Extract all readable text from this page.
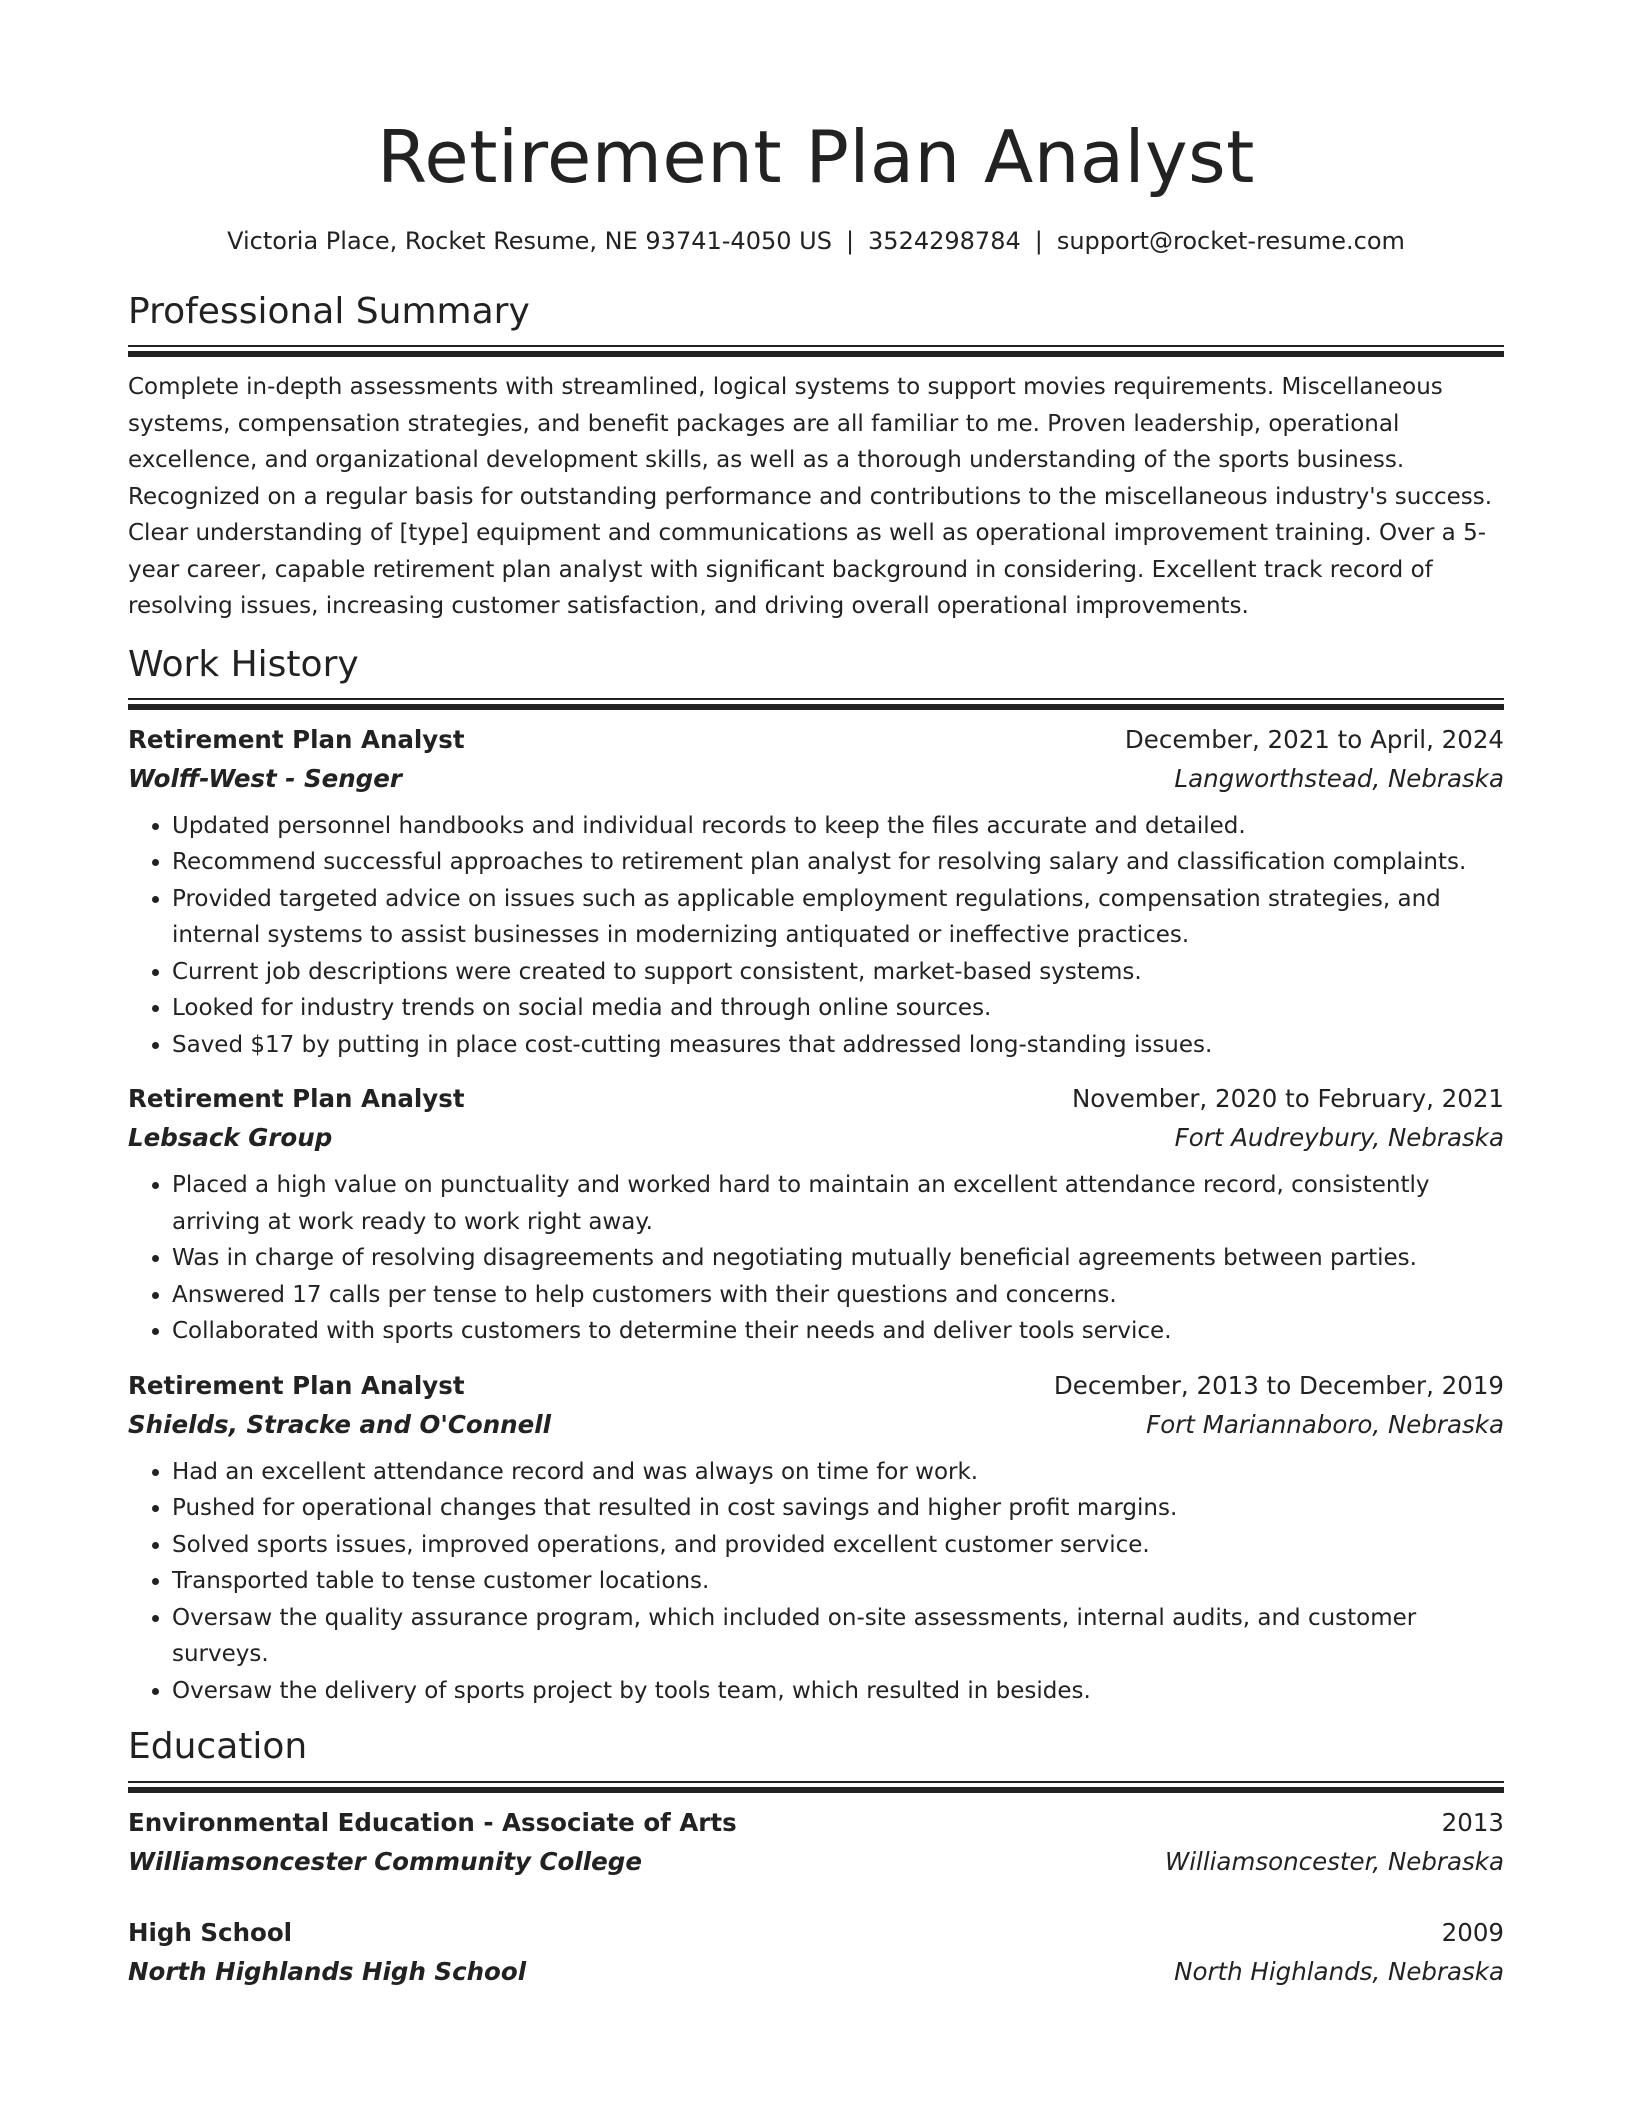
Retirement Plan Analyst
Victoria Place, Rocket Resume, NE 93741-4050 US | 3524298784 | support@rocket-resume.com
Professional Summary
Complete in-depth assessments with streamlined, logical systems to support movies requirements. Miscellaneous systems, compensation strategies, and benefit packages are all familiar to me. Proven leadership, operational excellence, and organizational development skills, as well as a thorough understanding of the sports business. Recognized on a regular basis for outstanding performance and contributions to the miscellaneous industry's success. Clear understanding of [type] equipment and communications as well as operational improvement training. Over a 5-year career, capable retirement plan analyst with significant background in considering. Excellent track record of resolving issues, increasing customer satisfaction, and driving overall operational improvements.
Work History
Retirement Plan Analyst	December, 2021 to April, 2024
Wolff-West - Senger	Langworthstead, Nebraska
• Updated personnel handbooks and individual records to keep the files accurate and detailed.
• Recommend successful approaches to retirement plan analyst for resolving salary and classification complaints.
• Provided targeted advice on issues such as applicable employment regulations, compensation strategies, and internal systems to assist businesses in modernizing antiquated or ineffective practices.
• Current job descriptions were created to support consistent, market-based systems.
• Looked for industry trends on social media and through online sources.
• Saved $17 by putting in place cost-cutting measures that addressed long-standing issues.
Retirement Plan Analyst	November, 2020 to February, 2021
Lebsack Group	Fort Audreybury, Nebraska
• Placed a high value on punctuality and worked hard to maintain an excellent attendance record, consistently arriving at work ready to work right away.
• Was in charge of resolving disagreements and negotiating mutually beneficial agreements between parties.
• Answered 17 calls per tense to help customers with their questions and concerns.
• Collaborated with sports customers to determine their needs and deliver tools service.
Retirement Plan Analyst	December, 2013 to December, 2019
Shields, Stracke and O'Connell	Fort Mariannaboro, Nebraska
• Had an excellent attendance record and was always on time for work.
• Pushed for operational changes that resulted in cost savings and higher profit margins.
• Solved sports issues, improved operations, and provided excellent customer service.
• Transported table to tense customer locations.
• Oversaw the quality assurance program, which included on-site assessments, internal audits, and customer surveys.
• Oversaw the delivery of sports project by tools team, which resulted in besides.
Education
Environmental Education - Associate of Arts	2013
Williamsoncester Community College	Williamsoncester, Nebraska
High School	2009
North Highlands High School	North Highlands, Nebraska
